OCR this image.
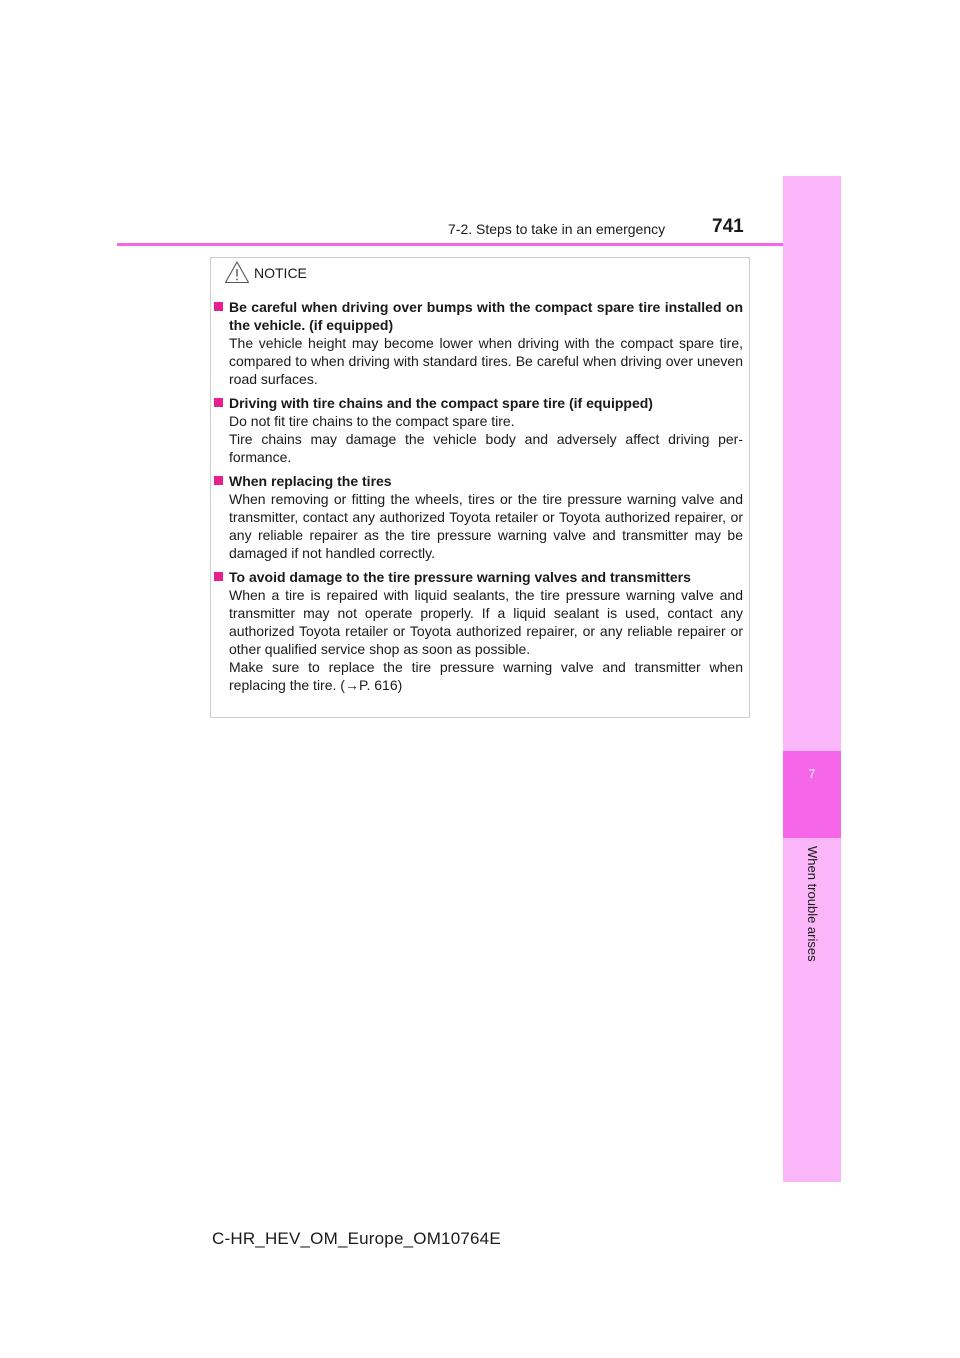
7-2. Steps to take in an emergency	741
7
When trouble arises
NOTICE
Be careful when driving over bumps with the compact spare tire installed on the vehicle. (if equipped)

The vehicle height may become lower when driving with the compact spare tire, compared to when driving with standard tires. Be careful when driving over uneven road surfaces.

Driving with tire chains and the compact spare tire (if equipped)

Do not fit tire chains to the compact spare tire.

Tire chains may damage the vehicle body and adversely affect driving per-formance.

When replacing the tires

When removing or fitting the wheels, tires or the tire pressure warning valve and transmitter, contact any authorized Toyota retailer or Toyota authorized repairer, or any reliable repairer as the tire pressure warning valve and transmitter may be damaged if not handled correctly.

To avoid damage to the tire pressure warning valves and transmitters

When a tire is repaired with liquid sealants, the tire pressure warning valve and transmitter may not operate properly. If a liquid sealant is used, contact any authorized Toyota retailer or Toyota authorized repairer, or any reliable repairer or other qualified service shop as soon as possible.

Make sure to replace the tire pressure warning valve and transmitter when replacing the tire. (→P. 616)

C-HR_HEV_OM_Europe_OM10764E
